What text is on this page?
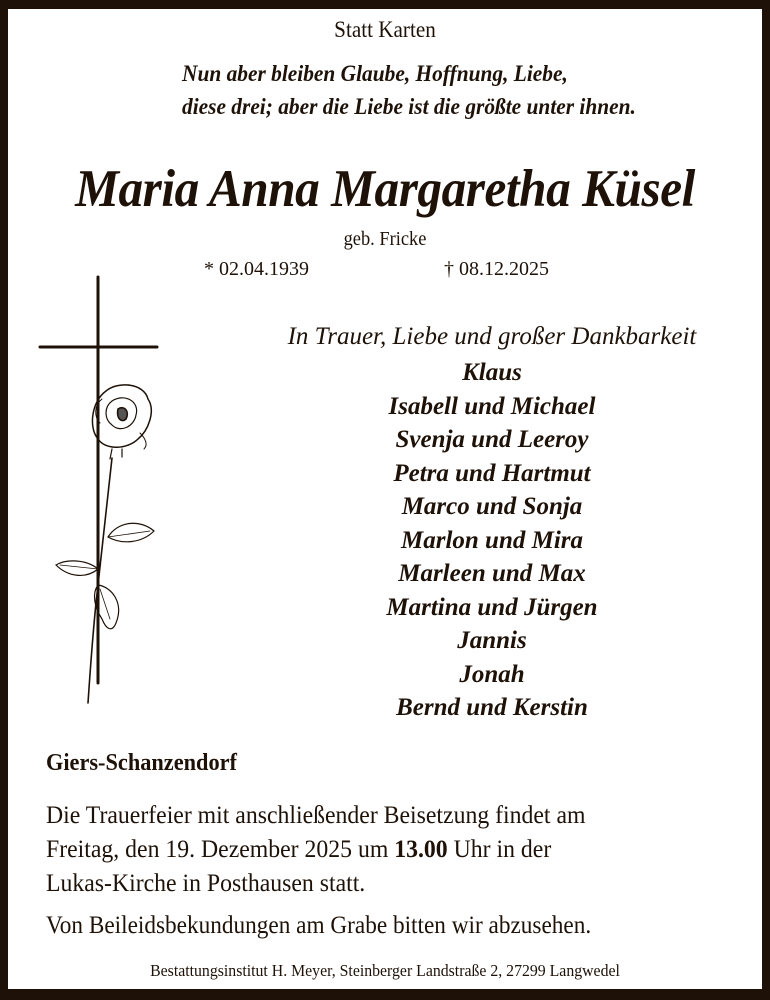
Statt Karten
Nun aber bleiben Glaube, Hoffnung, Liebe,
diese drei; aber die Liebe ist die größte unter ihnen.
Maria Anna Margaretha Küsel
geb. Fricke
* 02.04.1939	† 08.12.2025
In Trauer, Liebe und großer Dankbarkeit
Klaus
Isabell und Michael
Svenja und Leeroy
Petra und Hartmut
Marco und Sonja
Marlon und Mira
Marleen und Max
Martina und Jürgen
Jannis
Jonah
Bernd und Kerstin
Giers-Schanzendorf
Die Trauerfeier mit anschließender Beisetzung findet am
Freitag, den 19. Dezember 2025 um 13.00 Uhr in der
Lukas-Kirche in Posthausen statt.
Von Beileidsbekundungen am Grabe bitten wir abzusehen.
Bestattungsinstitut H. Meyer, Steinberger Landstraße 2, 27299 Langwedel
